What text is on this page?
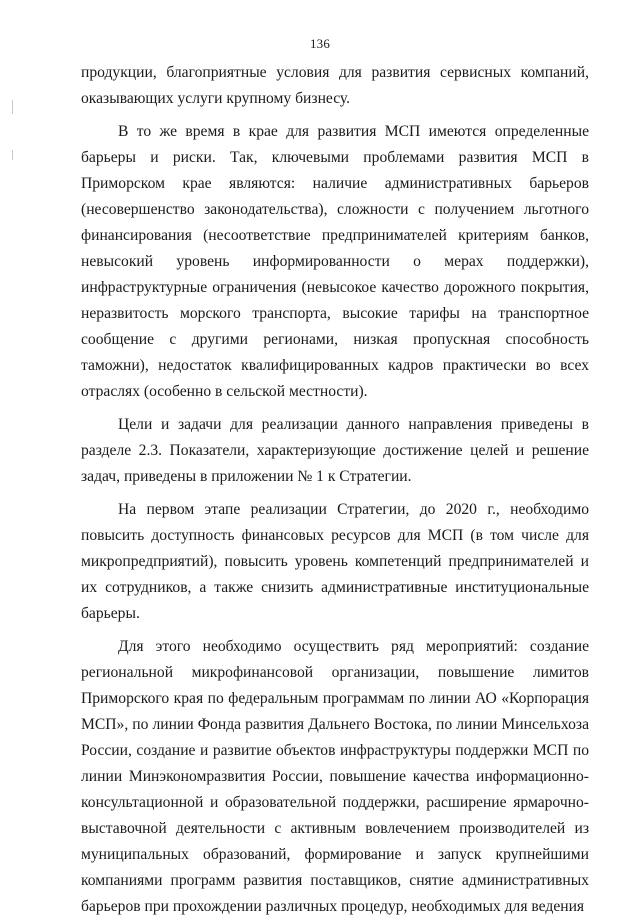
136

продукции, благоприятные условия для развития сервисных компаний, оказывающих услуги крупному бизнесу.

В то же время в крае для развития МСП имеются определенные барьеры и риски. Так, ключевыми проблемами развития МСП в Приморском крае являются: наличие административных барьеров (несовершенство законодательства), сложности с получением льготного финансирования (несоответствие предпринимателей критериям банков, невысокий уровень информированности о мерах поддержки), инфраструктурные ограничения (невысокое качество дорожного покрытия, неразвитость морского транспорта, высокие тарифы на транспортное сообщение с другими регионами, низкая пропускная способность таможни), недостаток квалифицированных кадров практически во всех отраслях (особенно в сельской местности).

Цели и задачи для реализации данного направления приведены в разделе 2.3. Показатели, характеризующие достижение целей и решение задач, приведены в приложении № 1 к Стратегии.

На первом этапе реализации Стратегии, до 2020 г., необходимо повысить доступность финансовых ресурсов для МСП (в том числе для микропредприятий), повысить уровень компетенций предпринимателей и их сотрудников, а также снизить административные институциональные барьеры.

Для этого необходимо осуществить ряд мероприятий: создание региональной микрофинансовой организации, повышение лимитов Приморского края по федеральным программам по линии АО «Корпорация МСП», по линии Фонда развития Дальнего Востока, по линии Минсельхоза России, создание и развитие объектов инфраструктуры поддержки МСП по линии Минэкономразвития России, повышение качества информационно-консультационной и образовательной поддержки, расширение ярмарочно-выставочной деятельности с активным вовлечением производителей из муниципальных образований, формирование и запуск крупнейшими компаниями программ развития поставщиков, снятие административных барьеров при прохождении различных процедур, необходимых для ведения
